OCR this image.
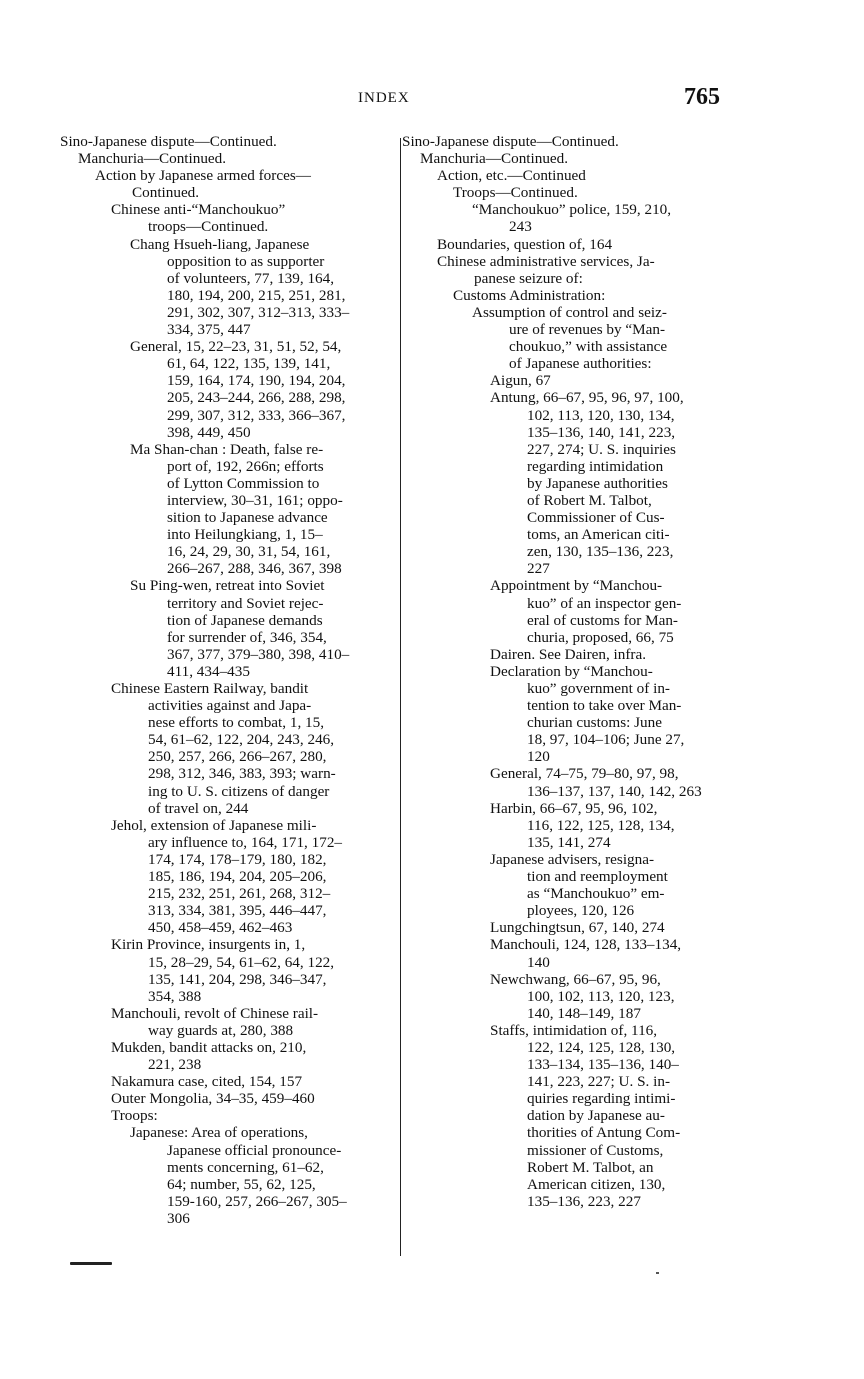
INDEX	765
Sino-Japanese dispute—Continued.
Manchuria—Continued.
Action by Japanese armed forces—
Continued.
Chinese anti-“Manchoukuo”
troops—Continued.
Chang Hsueh-liang, Japanese
opposition to as supporter
of volunteers, 77, 139, 164,
180, 194, 200, 215, 251, 281,
291, 302, 307, 312–313, 333–
334, 375, 447
General, 15, 22–23, 31, 51, 52, 54,
61, 64, 122, 135, 139, 141,
159, 164, 174, 190, 194, 204,
205, 243–244, 266, 288, 298,
299, 307, 312, 333, 366–367,
398, 449, 450
Ma Shan-chan : Death, false re-
port of, 192, 266n; efforts
of Lytton Commission to
interview, 30–31, 161; oppo-
sition to Japanese advance
into Heilungkiang, 1, 15–
16, 24, 29, 30, 31, 54, 161,
266–267, 288, 346, 367, 398
Su Ping-wen, retreat into Soviet
territory and Soviet rejec-
tion of Japanese demands
for surrender of, 346, 354,
367, 377, 379–380, 398, 410–
411, 434–435
Chinese Eastern Railway, bandit
activities against and Japa-
nese efforts to combat, 1, 15,
54, 61–62, 122, 204, 243, 246,
250, 257, 266, 266–267, 280,
298, 312, 346, 383, 393; warn-
ing to U. S. citizens of danger
of travel on, 244
Jehol, extension of Japanese mili-
ary influence to, 164, 171, 172–
174, 174, 178–179, 180, 182,
185, 186, 194, 204, 205–206,
215, 232, 251, 261, 268, 312–
313, 334, 381, 395, 446–447,
450, 458–459, 462–463
Kirin Province, insurgents in, 1,
15, 28–29, 54, 61–62, 64, 122,
135, 141, 204, 298, 346–347,
354, 388
Manchouli, revolt of Chinese rail-
way guards at, 280, 388
Mukden, bandit attacks on, 210,
221, 238
Nakamura case, cited, 154, 157
Outer Mongolia, 34–35, 459–460
Troops:
Japanese: Area of operations,
Japanese official pronounce-
ments concerning, 61–62,
64; number, 55, 62, 125,
159-160, 257, 266–267, 305–
306
Sino-Japanese dispute—Continued.
Manchuria—Continued.
Action, etc.—Continued
Troops—Continued.
“Manchoukuo” police, 159, 210,
243
Boundaries, question of, 164
Chinese administrative services, Ja-
panese seizure of:
Customs Administration:
Assumption of control and seiz-
ure of revenues by “Man-
choukuo,” with assistance
of Japanese authorities:
Aigun, 67
Antung, 66–67, 95, 96, 97, 100,
102, 113, 120, 130, 134,
135–136, 140, 141, 223,
227, 274; U. S. inquiries
regarding intimidation
by Japanese authorities
of Robert M. Talbot,
Commissioner of Cus-
toms, an American citi-
zen, 130, 135–136, 223,
227
Appointment by “Manchou-
kuo” of an inspector gen-
eral of customs for Man-
churia, proposed, 66, 75
Dairen. See Dairen, infra.
Declaration by “Manchou-
kuo” government of in-
tention to take over Man-
churian customs: June
18, 97, 104–106; June 27,
120
General, 74–75, 79–80, 97, 98,
136–137, 137, 140, 142, 263
Harbin, 66–67, 95, 96, 102,
116, 122, 125, 128, 134,
135, 141, 274
Japanese advisers, resigna-
tion and reemployment
as “Manchoukuo” em-
ployees, 120, 126
Lungchingtsun, 67, 140, 274
Manchouli, 124, 128, 133–134,
140
Newchwang, 66–67, 95, 96,
100, 102, 113, 120, 123,
140, 148–149, 187
Staffs, intimidation of, 116,
122, 124, 125, 128, 130,
133–134, 135–136, 140–
141, 223, 227; U. S. in-
quiries regarding intimi-
dation by Japanese au-
thorities of Antung Com-
missioner of Customs,
Robert M. Talbot, an
American citizen, 130,
135–136, 223, 227
